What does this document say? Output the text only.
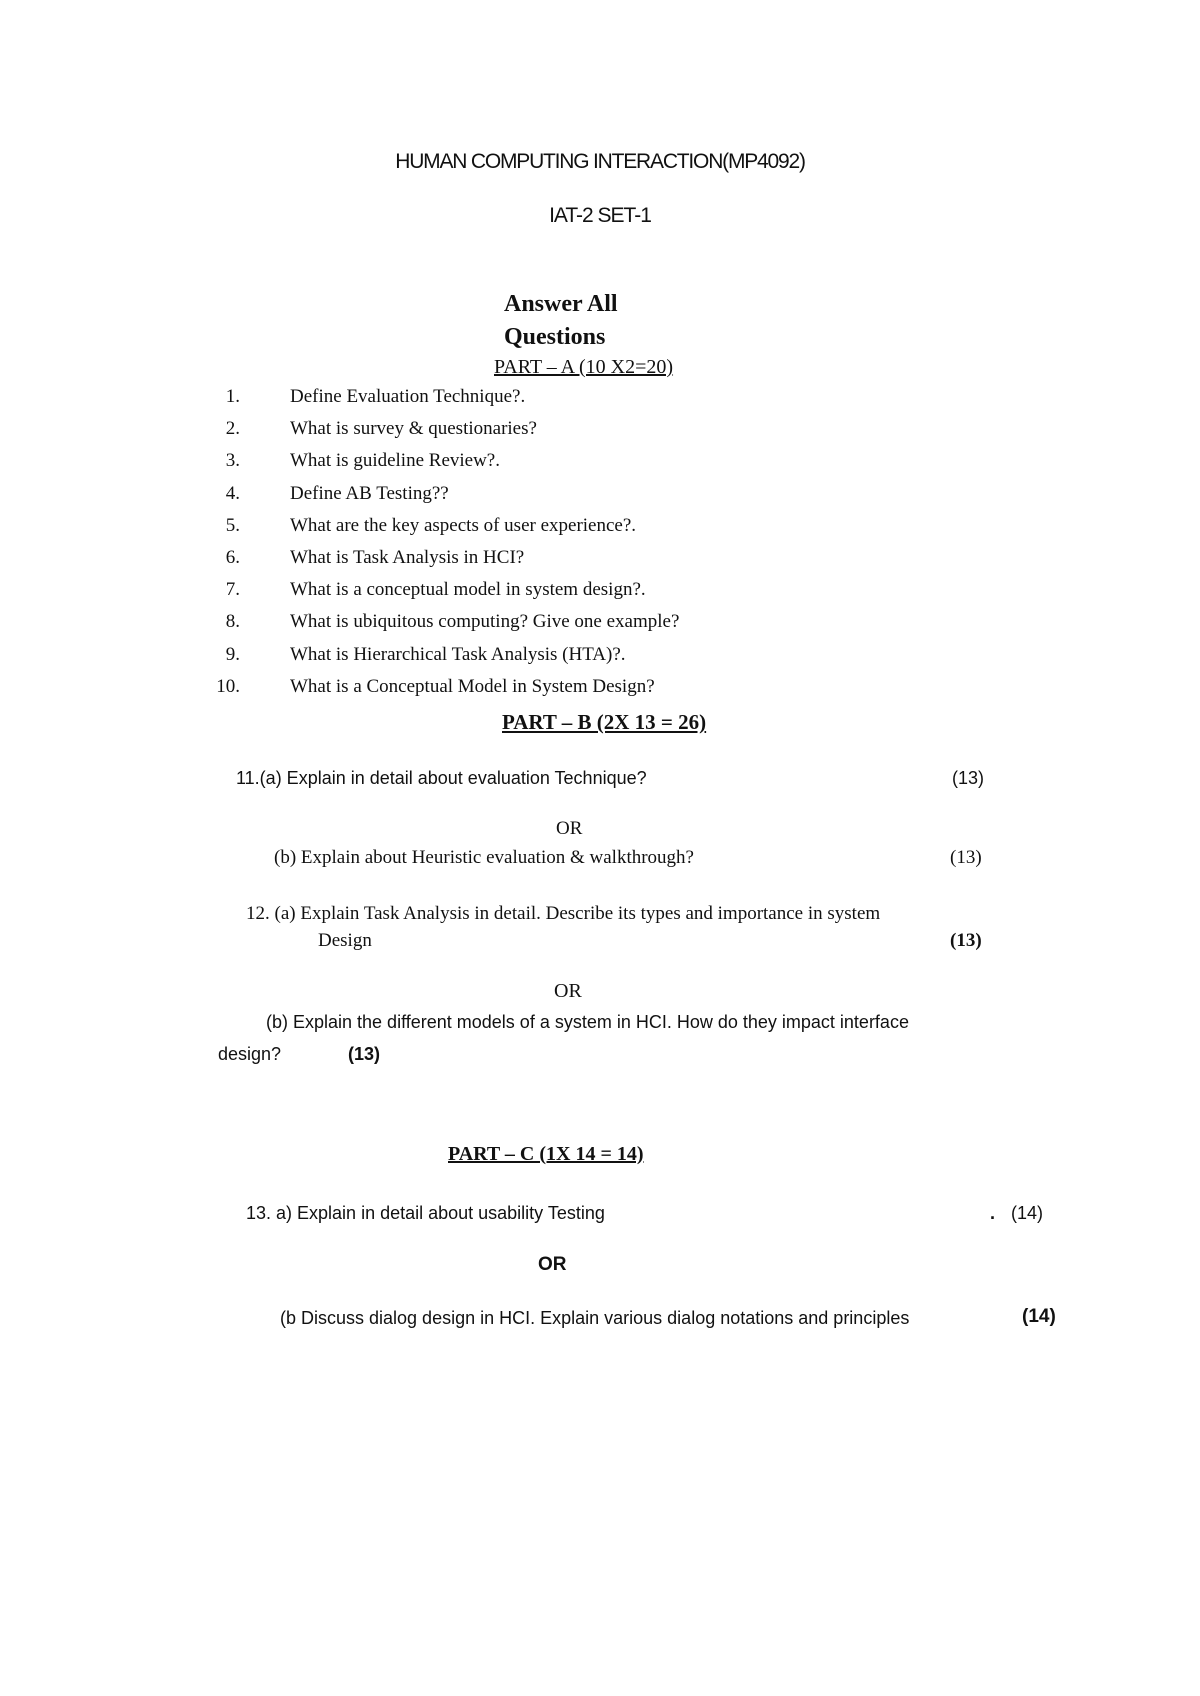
HUMAN COMPUTING INTERACTION(MP4092)
IAT-2 SET-1
Answer All
Questions
PART – A (10 X2=20)
1.	Define Evaluation Technique?.
2.	What is survey & questionaries?
3.	What is guideline Review?.
4.	Define AB Testing??
5.	What are the key aspects of user experience?.
6.	What is Task Analysis in HCI?
7.	What is a conceptual model in system design?.
8.	What is ubiquitous computing? Give one example?
9.	What is Hierarchical Task Analysis (HTA)?.
10.	What is a Conceptual Model in System Design?
PART – B (2X 13 = 26)
11.(a) Explain in detail about evaluation Technique?	(13)
OR
(b) Explain about Heuristic evaluation & walkthrough?	(13)
12. (a) Explain Task Analysis in detail. Describe its types and importance in system
Design	(13)
OR
(b) Explain the different models of a system in HCI. How do they impact interface
design?	(13)
PART – C (1X 14 = 14)
13. a) Explain in detail about usability Testing	. (14)
OR
(b Discuss dialog design in HCI. Explain various dialog notations and principles	(14)
